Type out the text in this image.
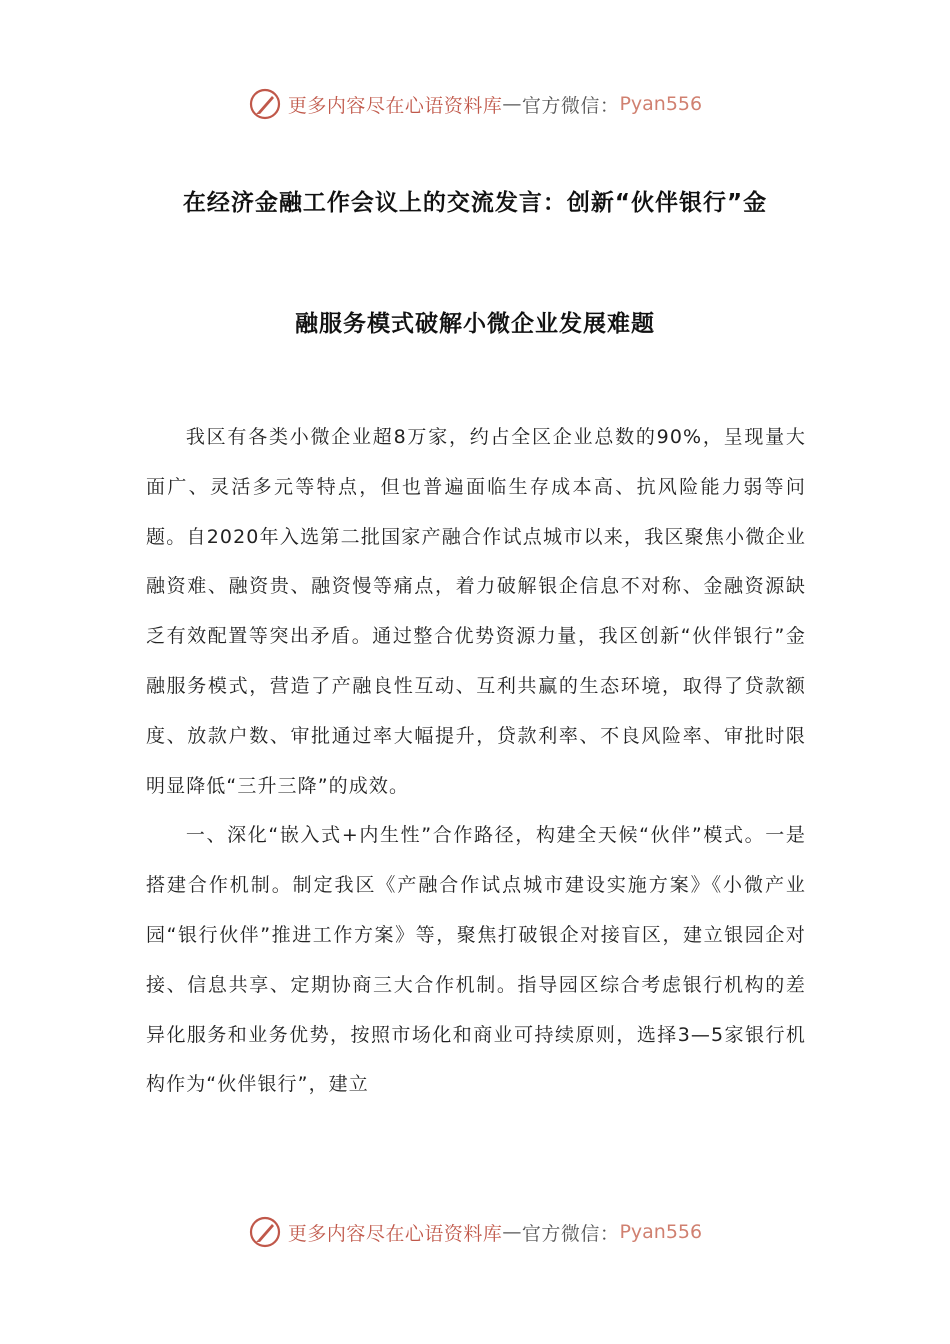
更多内容尽在心语资料库 — 官方微信： Pyan556
在经济金融工作会议上的交流发言：创新“伙伴银行”金
融服务模式破解小微企业发展难题

我区有各类小微企业超8万家，约占全区企业总数的90%，呈现量大面广、灵活多元等特点，但也普遍面临生存成本高、抗风险能力弱等问题。自2020年入选第二批国家产融合作试点城市以来，我区聚焦小微企业融资难、融资贵、融资慢等痛点，着力破解银企信息不对称、金融资源缺乏有效配置等突出矛盾。通过整合优势资源力量，我区创新“伙伴银行”金融服务模式，营造了产融良性互动、互利共赢的生态环境，取得了贷款额度、放款户数、审批通过率大幅提升，贷款利率、不良风险率、审批时限明显降低“三升三降”的成效。

一、深化“嵌入式+内生性”合作路径，构建全天候“伙伴”模式。一是搭建合作机制。制定我区《产融合作试点城市建设实施方案》《小微产业园“银行伙伴”推进工作方案》等，聚焦打破银企对接盲区，建立银园企对接、信息共享、定期协商三大合作机制。指导园区综合考虑银行机构的差异化服务和业务优势，按照市场化和商业可持续原则，选择3—5家银行机构作为“伙伴银行”，建立

更多内容尽在心语资料库 — 官方微信： Pyan556
